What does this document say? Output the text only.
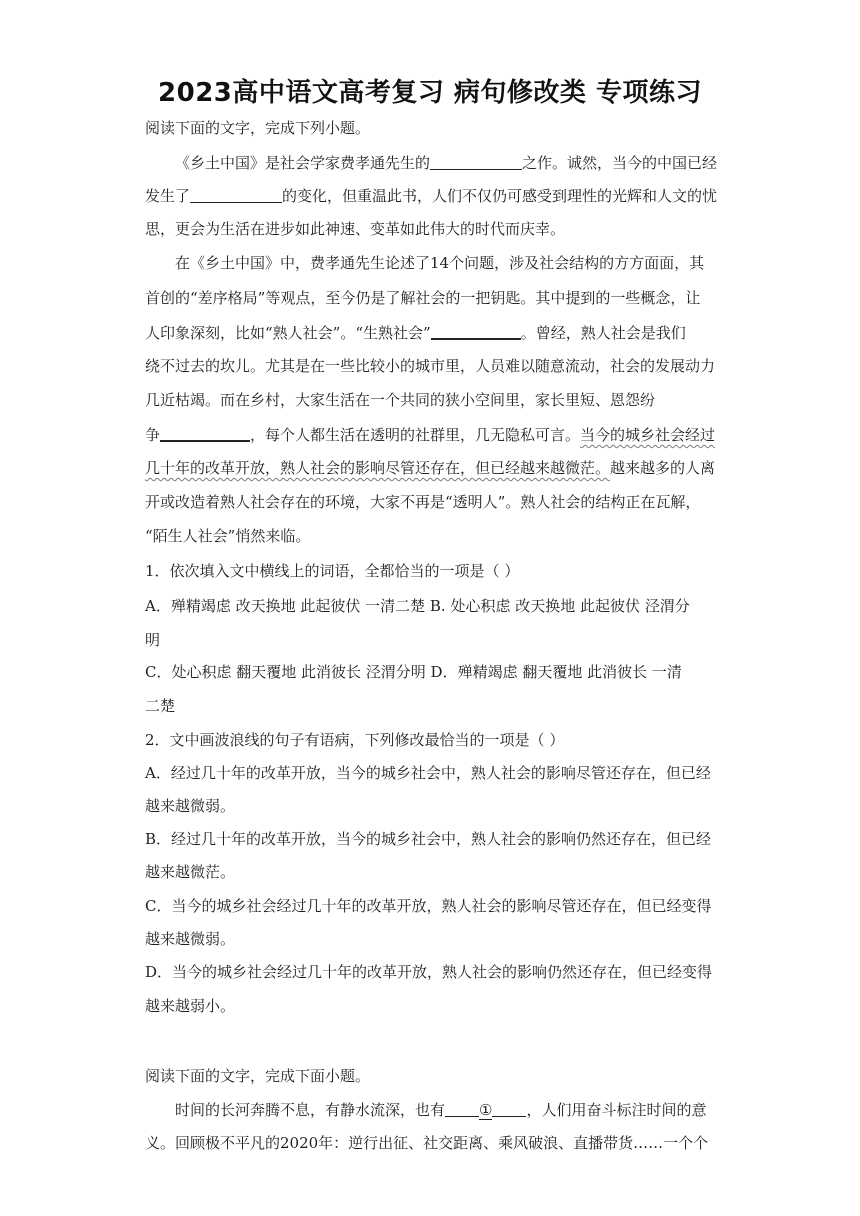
2023高中语文高考复习 病句修改类 专项练习
阅读下面的文字，完成下列小题。
《乡土中国》是社会学家费孝通先生的	之作。诚然，当今的中国已经
发生了	的变化，但重温此书，人们不仅仍可感受到理性的光辉和人文的忧
思，更会为生活在进步如此神速、变革如此伟大的时代而庆幸。
在《乡土中国》中，费孝通先生论述了14个问题，涉及社会结构的方方面面，其
首创的“差序格局”等观点，至今仍是了解社会的一把钥匙。其中提到的一些概念，让
人印象深刻，比如“熟人社会”。“生熟社会”	。曾经，熟人社会是我们
绕不过去的坎儿。尤其是在一些比较小的城市里，人员难以随意流动，社会的发展动力
几近枯竭。而在乡村，大家生活在一个共同的狭小空间里，家长里短、恩怨纷
争	，每个人都生活在透明的社群里，几无隐私可言。当今的城乡社会经过
几十年的改革开放，熟人社会的影响尽管还存在，但已经越来越微茫。越来越多的人离
开或改造着熟人社会存在的环境，大家不再是“透明人”。熟人社会的结构正在瓦解，
“陌生人社会”悄然来临。
1．依次填入文中横线上的词语，全都恰当的一项是（ ）
A．殚精竭虑 改天换地 此起彼伏 一清二楚 B. 处心积虑 改天换地 此起彼伏 泾渭分
明
C．处心积虑 翻天覆地 此消彼长 泾渭分明 D．殚精竭虑 翻天覆地 此消彼长 一清
二楚
2．文中画波浪线的句子有语病，下列修改最恰当的一项是（ ）
A．经过几十年的改革开放，当今的城乡社会中，熟人社会的影响尽管还存在，但已经
越来越微弱。
B．经过几十年的改革开放，当今的城乡社会中，熟人社会的影响仍然还存在，但已经
越来越微茫。
C．当今的城乡社会经过几十年的改革开放，熟人社会的影响尽管还存在，但已经变得
越来越微弱。
D．当今的城乡社会经过几十年的改革开放，熟人社会的影响仍然还存在，但已经变得
越来越弱小。
阅读下面的文字，完成下面小题。
时间的长河奔腾不息，有静水流深，也有 ① ，人们用奋斗标注时间的意
义。回顾极不平凡的2020年：逆行出征、社交距离、乘风破浪、直播带货……一个个
